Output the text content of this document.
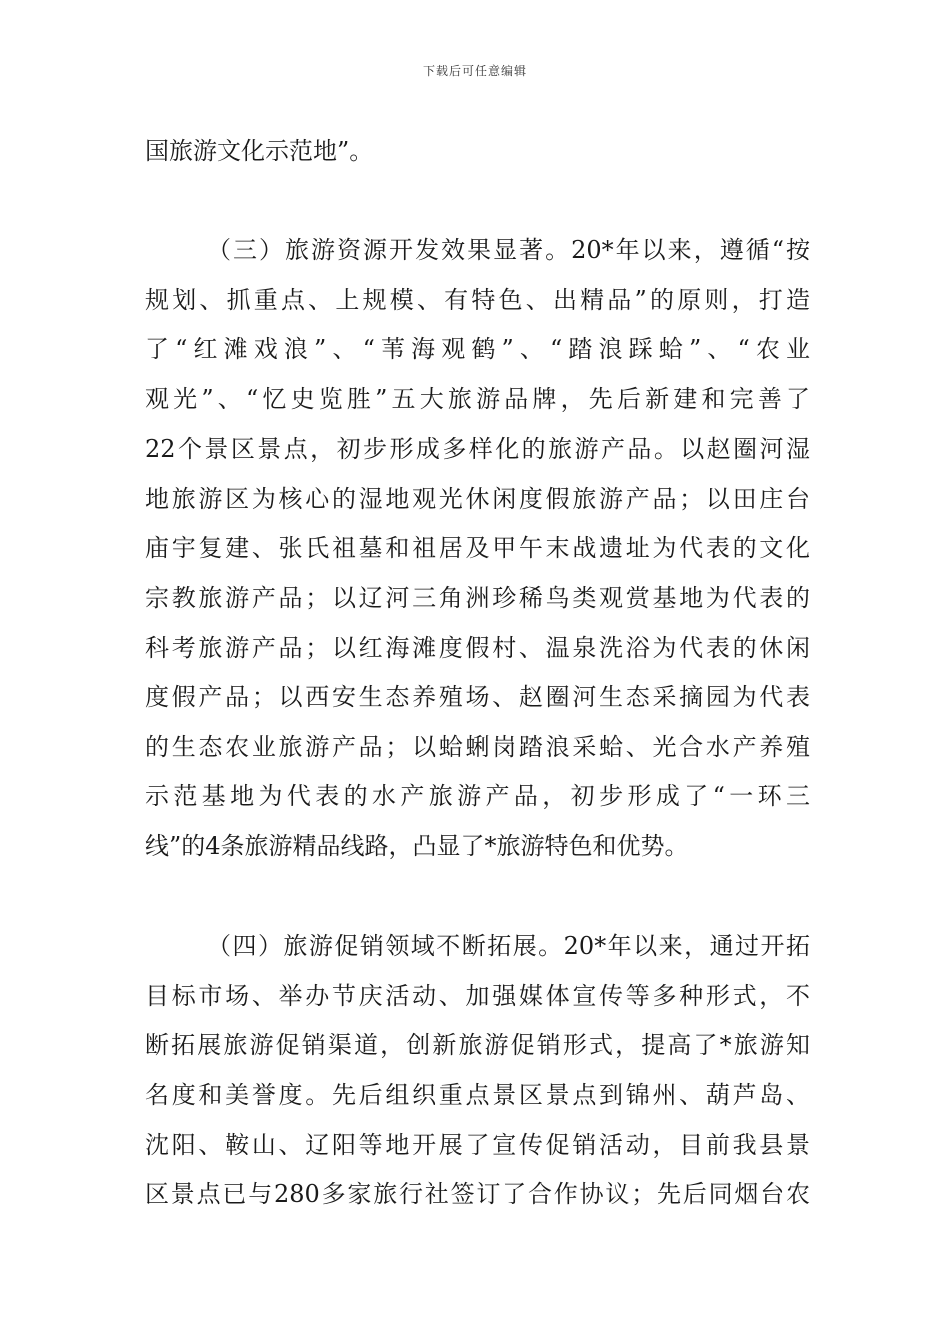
下载后可任意编辑
国旅游文化示范地”。
（三）旅游资源开发效果显著。20*年以来，遵循“按
规划、抓重点、上规模、有特色、出精品”的原则，打造
了“红滩戏浪”、“苇海观鹤”、“踏浪踩蛤”、“农业
观光”、“忆史览胜”五大旅游品牌，先后新建和完善了
22个景区景点，初步形成多样化的旅游产品。以赵圈河湿
地旅游区为核心的湿地观光休闲度假旅游产品；以田庄台
庙宇复建、张氏祖墓和祖居及甲午末战遗址为代表的文化
宗教旅游产品；以辽河三角洲珍稀鸟类观赏基地为代表的
科考旅游产品；以红海滩度假村、温泉洗浴为代表的休闲
度假产品；以西安生态养殖场、赵圈河生态采摘园为代表
的生态农业旅游产品；以蛤蜊岗踏浪采蛤、光合水产养殖
示范基地为代表的水产旅游产品，初步形成了“一环三
线”的4条旅游精品线路，凸显了*旅游特色和优势。
（四）旅游促销领域不断拓展。20*年以来，通过开拓
目标市场、举办节庆活动、加强媒体宣传等多种形式，不
断拓展旅游促销渠道，创新旅游促销形式，提高了*旅游知
名度和美誉度。先后组织重点景区景点到锦州、葫芦岛、
沈阳、鞍山、辽阳等地开展了宣传促销活动，目前我县景
区景点已与280多家旅行社签订了合作协议；先后同烟台农
